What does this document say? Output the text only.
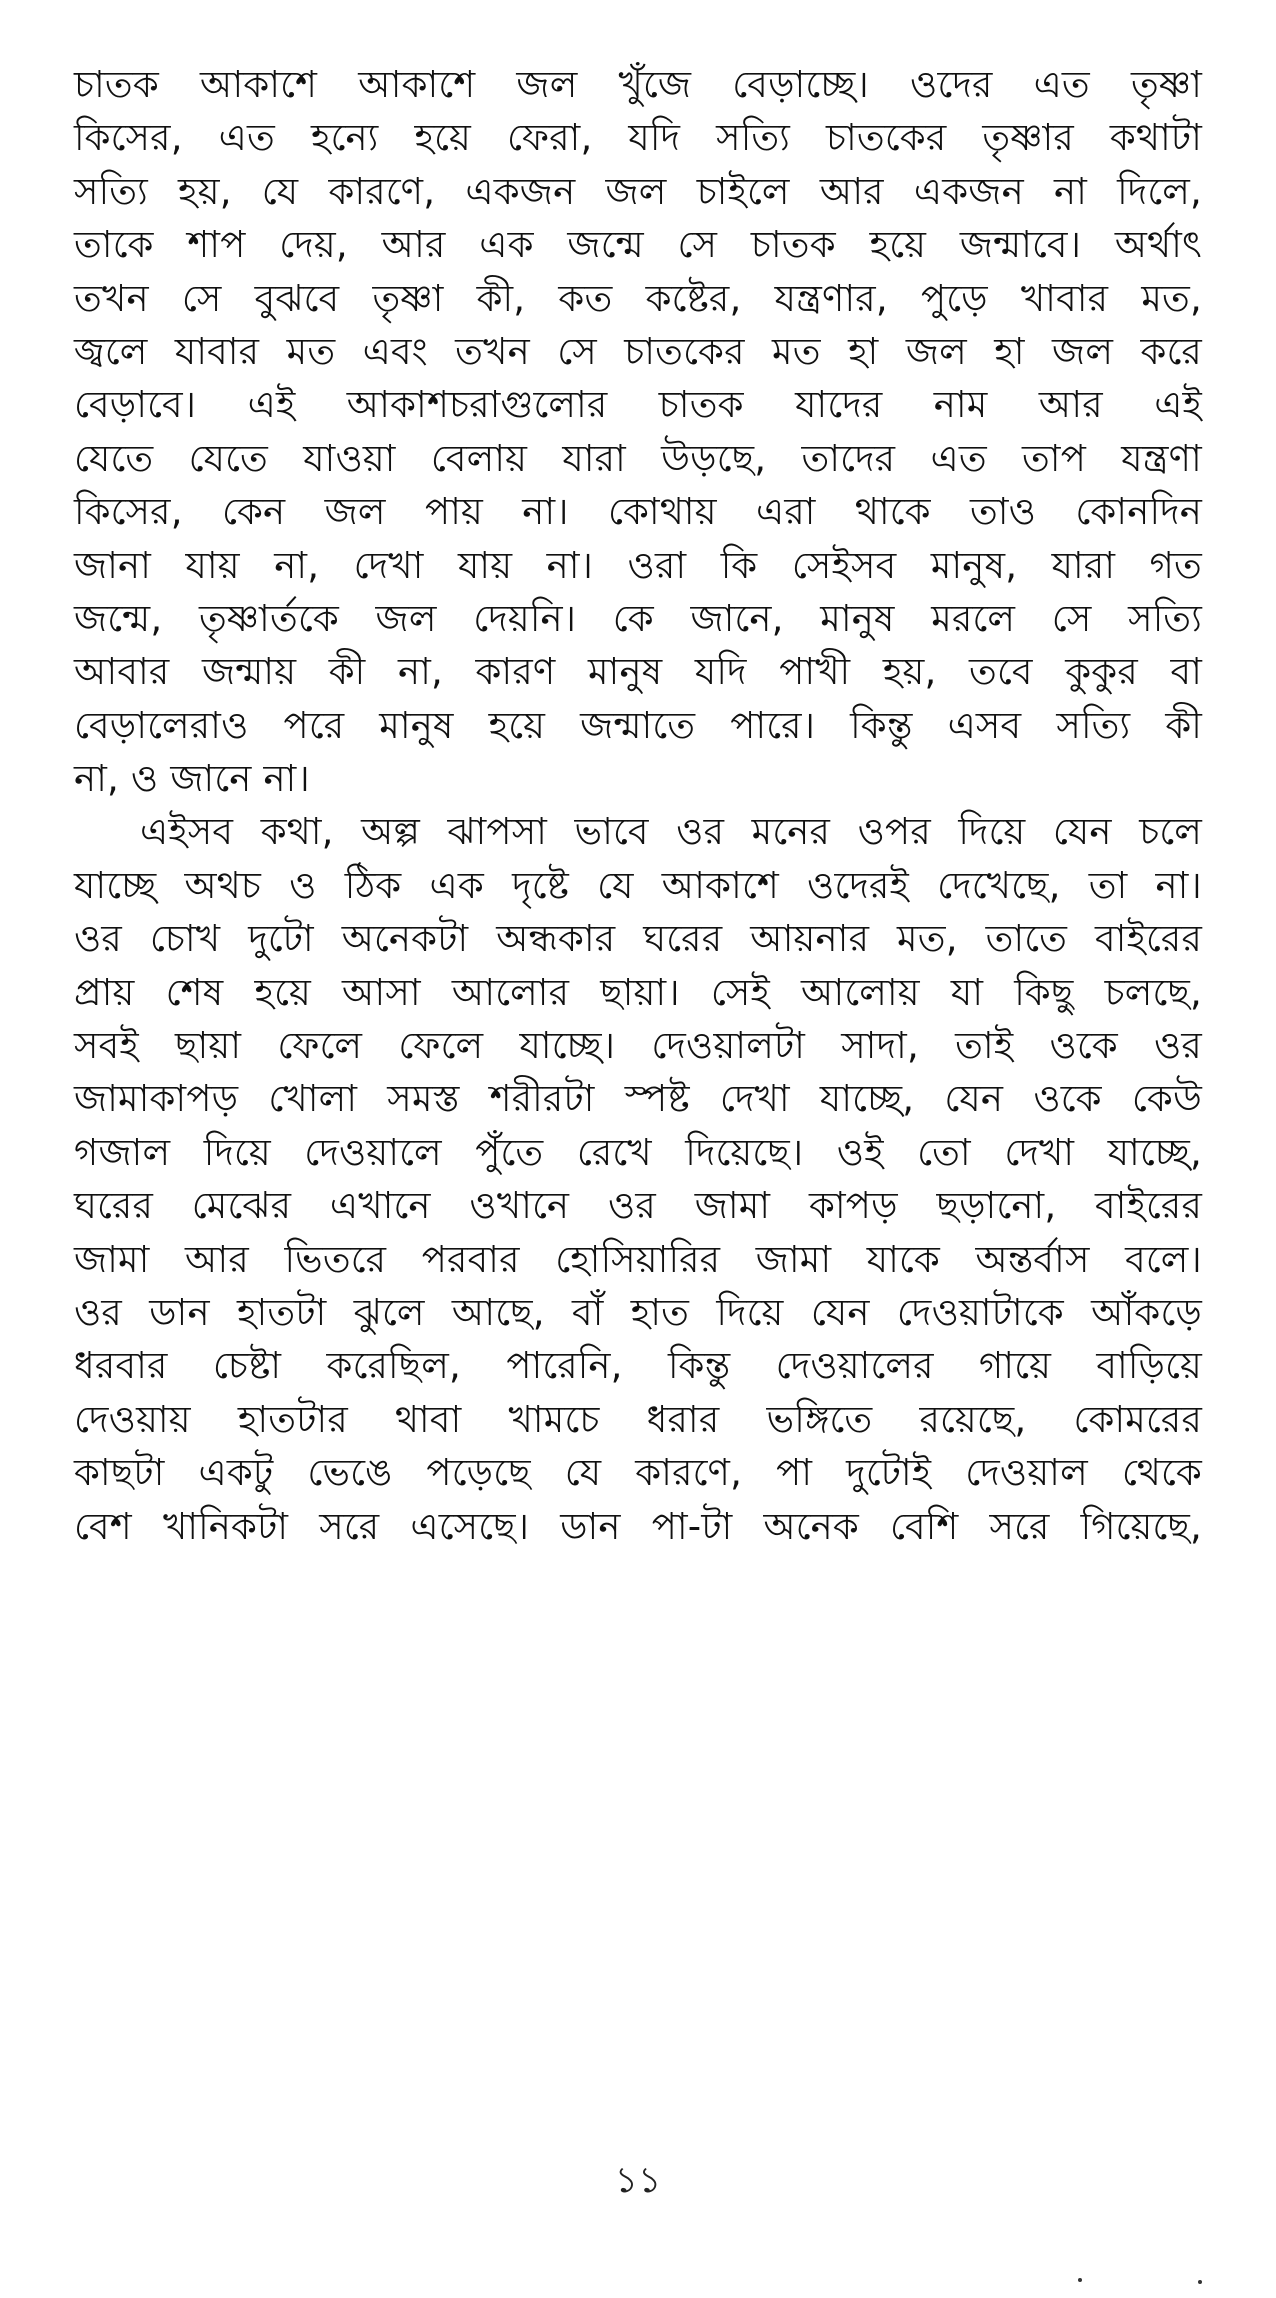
চাতক আকাশে আকাশে জল খুঁজে বেড়াচ্ছে। ওদের এত তৃষ্ণা
কিসের, এত হন্যে হয়ে ফেরা, যদি সত্যি চাতকের তৃষ্ণার কথাটা
সত্যি হয়, যে কারণে, একজন জল চাইলে আর একজন না দিলে,
তাকে শাপ দেয়, আর এক জন্মে সে চাতক হয়ে জন্মাবে। অর্থাৎ
তখন সে বুঝবে তৃষ্ণা কী, কত কষ্টের, যন্ত্রণার, পুড়ে খাবার মত,
জ্বলে যাবার মত এবং তখন সে চাতকের মত হা জল হা জল করে
বেড়াবে। এই আকাশচরাগুলোর চাতক যাদের নাম আর এই
যেতে যেতে যাওয়া বেলায় যারা উড়ছে, তাদের এত তাপ যন্ত্রণা
কিসের, কেন জল পায় না। কোথায় এরা থাকে তাও কোনদিন
জানা যায় না, দেখা যায় না। ওরা কি সেইসব মানুষ, যারা গত
জন্মে, তৃষ্ণার্তকে জল দেয়নি। কে জানে, মানুষ মরলে সে সত্যি
আবার জন্মায় কী না, কারণ মানুষ যদি পাখী হয়, তবে কুকুর বা
বেড়ালেরাও পরে মানুষ হয়ে জন্মাতে পারে। কিন্তু এসব সত্যি কী
না, ও জানে না।
এইসব কথা, অল্প ঝাপসা ভাবে ওর মনের ওপর দিয়ে যেন চলে
যাচ্ছে অথচ ও ঠিক এক দৃষ্টে যে আকাশে ওদেরই দেখেছে, তা না।
ওর চোখ দুটো অনেকটা অন্ধকার ঘরের আয়নার মত, তাতে বাইরের
প্রায় শেষ হয়ে আসা আলোর ছায়া। সেই আলোয় যা কিছু চলছে,
সবই ছায়া ফেলে ফেলে যাচ্ছে। দেওয়ালটা সাদা, তাই ওকে ওর
জামাকাপড় খোলা সমস্ত শরীরটা স্পষ্ট দেখা যাচ্ছে, যেন ওকে কেউ
গজাল দিয়ে দেওয়ালে পুঁতে রেখে দিয়েছে। ওই তো দেখা যাচ্ছে,
ঘরের মেঝের এখানে ওখানে ওর জামা কাপড় ছড়ানো, বাইরের
জামা আর ভিতরে পরবার হোসিয়ারির জামা যাকে অন্তর্বাস বলে।
ওর ডান হাতটা ঝুলে আছে, বাঁ হাত দিয়ে যেন দেওয়াটাকে আঁকড়ে
ধরবার চেষ্টা করেছিল, পারেনি, কিন্তু দেওয়ালের গায়ে বাড়িয়ে
দেওয়ায় হাতটার থাবা খামচে ধরার ভঙ্গিতে রয়েছে, কোমরের
কাছটা একটু ভেঙে পড়েছে যে কারণে, পা দুটোই দেওয়াল থেকে
বেশ খানিকটা সরে এসেছে। ডান পা-টা অনেক বেশি সরে গিয়েছে,
১১
